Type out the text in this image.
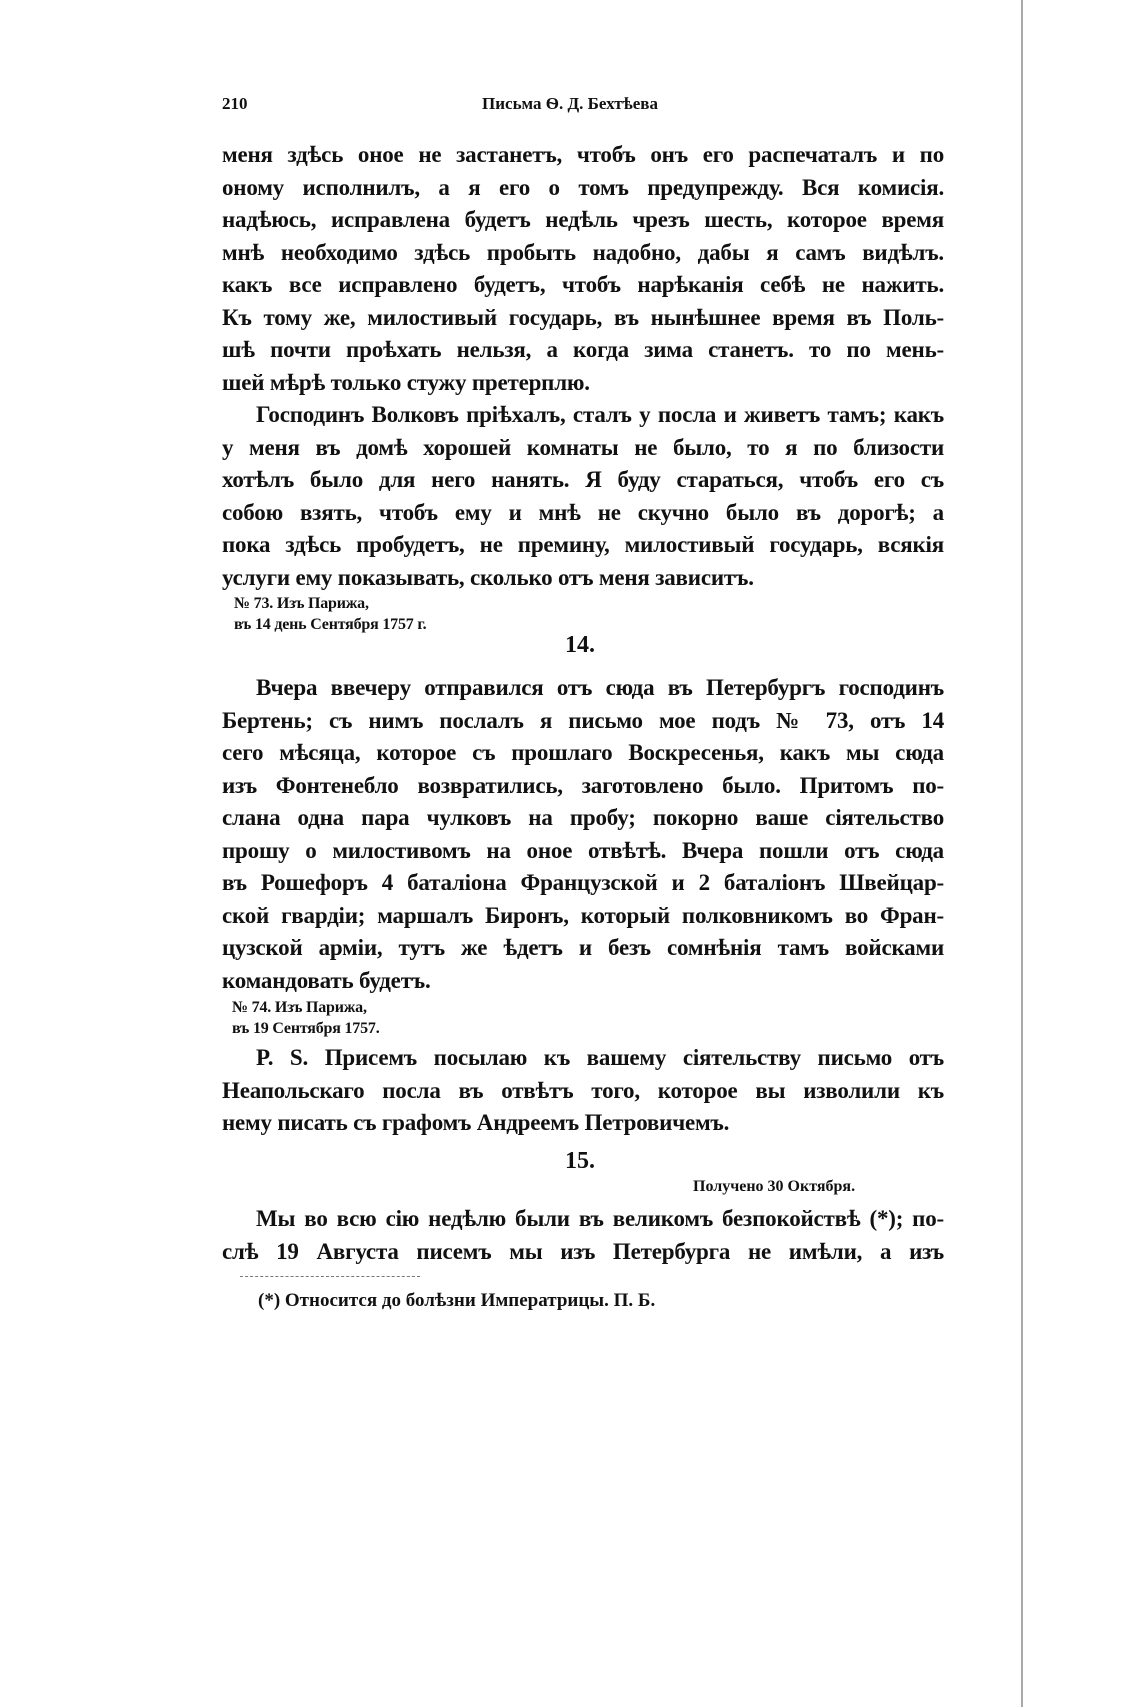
210	Письма Ѳ. Д. Бехтѣева
меня здѣсь оное не застанетъ, чтобъ онъ его распечаталъ и по
оному исполнилъ, а я его о томъ предупрежду. Вся комисія.
надѣюсь, исправлена будетъ недѣль чрезъ шесть, которое время
мнѣ необходимо здѣсь пробыть надобно, дабы я самъ видѣлъ.
какъ все исправлено будетъ, чтобъ нарѣканія себѣ не нажить.
Къ тому же, милостивый государь, въ нынѣшнее время въ Поль-
шѣ почти проѣхать нельзя, а когда зима станетъ. то по мень-
шей мѣрѣ только стужу претерплю.
Господинъ Волковъ пріѣхалъ, сталъ у посла и живетъ тамъ; какъ
у меня въ домѣ хорошей комнаты не было, то я по близости
хотѣлъ было для него нанять. Я буду стараться, чтобъ его съ
собою взять, чтобъ ему и мнѣ не скучно было въ дорогѣ; а
пока здѣсь пробудетъ, не премину, милостивый государь, всякія
услуги ему показывать, сколько отъ меня зависитъ.
№ 73. Изъ Парижа,
въ 14 день Сентября 1757 г.
14.
Вчера ввечеру отправился отъ сюда въ Петербургъ господинъ
Бертень; съ нимъ послалъ я письмо мое подъ № 73, отъ 14
сего мѣсяца, которое съ прошлаго Воскресенья, какъ мы сюда
изъ Фонтенебло возвратились, заготовлено было. Притомъ по-
слана одна пара чулковъ на пробу; покорно ваше сіятельство
прошу о милостивомъ на оное отвѣтѣ. Вчера пошли отъ сюда
въ Рошефоръ 4 баталіона Французской и 2 баталіонъ Швейцар-
ской гвардіи; маршалъ Биронъ, который полковникомъ во Фран-
цузской арміи, тутъ же ѣдетъ и безъ сомнѣнія тамъ войсками
командовать будетъ.
№ 74. Изъ Парижа,
въ 19 Сентября 1757.
P. S. Присемъ посылаю къ вашему сіятельству письмо отъ
Неапольскаго посла въ отвѣтъ того, которое вы изволили къ
нему писать съ графомъ Андреемъ Петровичемъ.
15.
Получено 30 Октября.
Мы во всю сію недѣлю были въ великомъ безпокойствѣ (*); по-
слѣ 19 Августа писемъ мы изъ Петербурга не имѣли, а изъ
(*) Относится до болѣзни Императрицы. П. Б.
